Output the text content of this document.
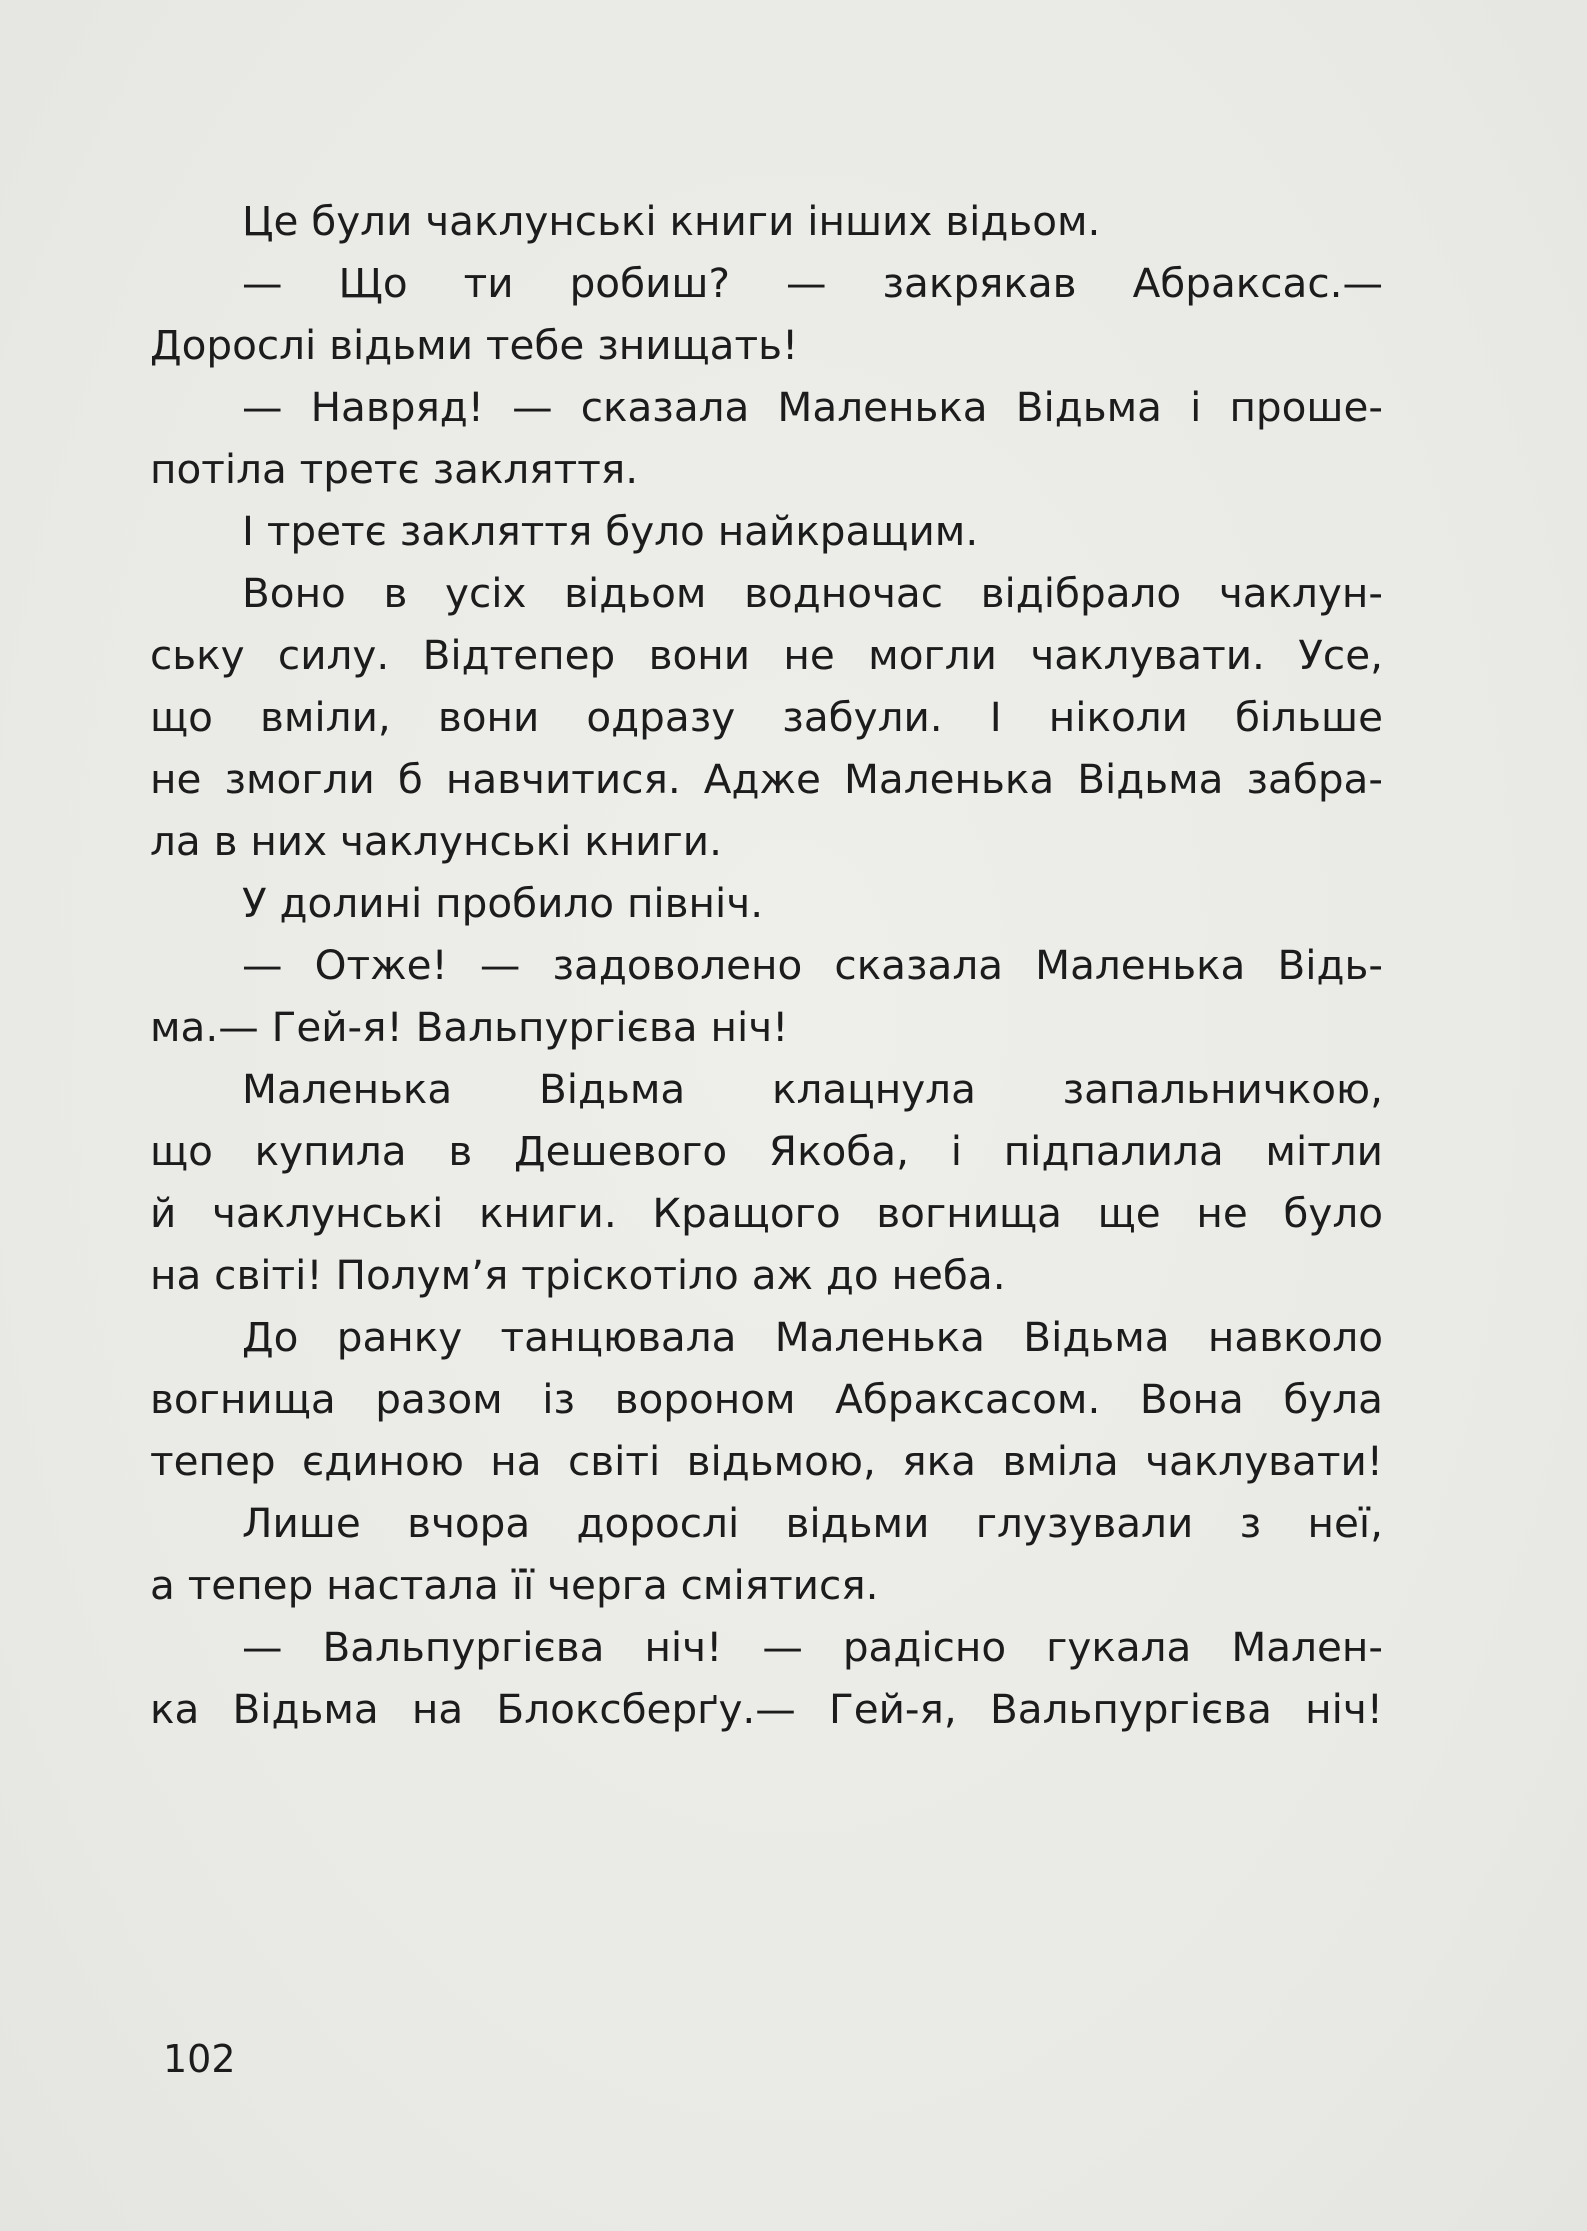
Це були чаклунські книги інших відьом.
— Що ти робиш? — закрякав Абраксас.—
Дорослі відьми тебе знищать!
— Навряд! — сказала Маленька Відьма і проше-
потіла третє закляття.
І третє закляття було найкращим.
Воно в усіх відьом водночас відібрало чаклун-
ську силу. Відтепер вони не могли чаклувати. Усе,
що вміли, вони одразу забули. І ніколи більше
не змогли б навчитися. Адже Маленька Відьма забра-
ла в них чаклунські книги.
У долині пробило північ.
— Отже! — задоволено сказала Маленька Відь-
ма.— Гей-я! Вальпургієва ніч!
Маленька Відьма клацнула запальничкою,
що купила в Дешевого Якоба, і підпалила мітли
й чаклунські книги. Кращого вогнища ще не було
на світі! Полум’я тріскотіло аж до неба.
До ранку танцювала Маленька Відьма навколо
вогнища разом із вороном Абраксасом. Вона була
тепер єдиною на світі відьмою, яка вміла чаклувати!
Лише вчора дорослі відьми глузували з неї,
а тепер настала її черга сміятися.
— Вальпургієва ніч! — радісно гукала Мален-
ка Відьма на Блоксберґу.— Гей-я, Вальпургієва ніч!
102
